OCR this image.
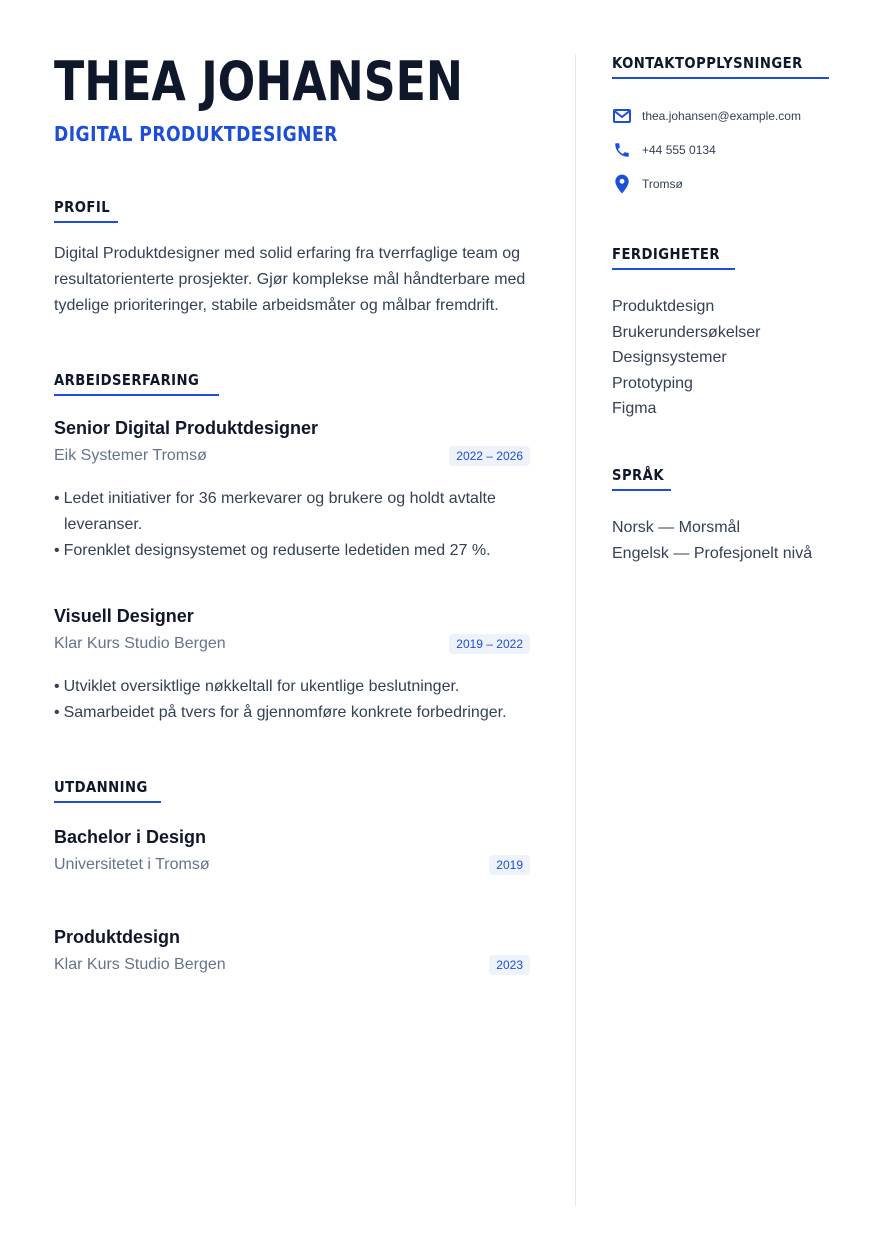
THEA JOHANSEN
DIGITAL PRODUKTDESIGNER
PROFIL
Digital Produktdesigner med solid erfaring fra tverrfaglige team og resultatorienterte prosjekter. Gjør komplekse mål håndterbare med tydelige prioriteringer, stabile arbeidsmåter og målbar fremdrift.
ARBEIDSERFARING
Senior Digital Produktdesigner
Eik Systemer Tromsø	2022 – 2026
• Ledet initiativer for 36 merkevarer og brukere og holdt avtalte leveranser.
• Forenklet designsystemet og reduserte ledetiden med 27 %.
Visuell Designer
Klar Kurs Studio Bergen	2019 – 2022
• Utviklet oversiktlige nøkkeltall for ukentlige beslutninger.
• Samarbeidet på tvers for å gjennomføre konkrete forbedringer.
UTDANNING
Bachelor i Design
Universitetet i Tromsø	2019
Produktdesign
Klar Kurs Studio Bergen	2023
KONTAKTOPPLYSNINGER
thea.johansen@example.com
+44 555 0134
Tromsø
FERDIGHETER
Produktdesign
Brukerundersøkelser
Designsystemer
Prototyping
Figma
SPRÅK
Norsk — Morsmål
Engelsk — Profesjonelt nivå
